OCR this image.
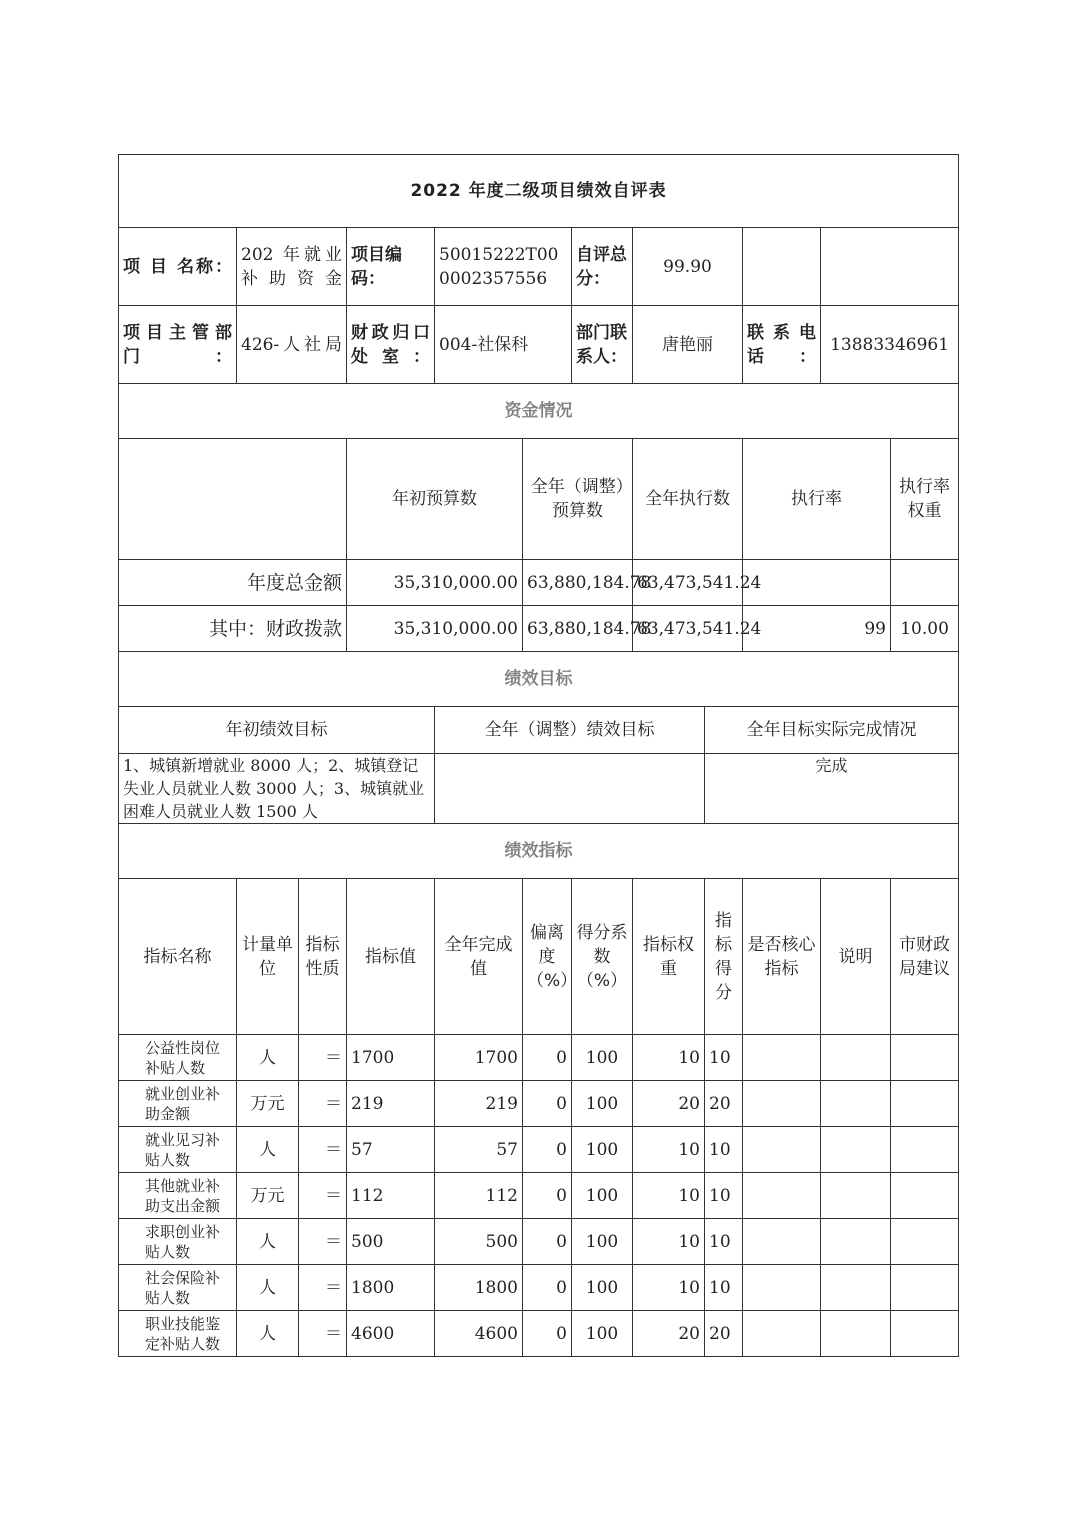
2022 年度二级项目绩效自评表												
项 目 名称：	202 年就业补助资金		项目编码：	50015222T000002357556		自评总分：	99.90					
项目主管部门：	426-人社局		财政归口处室：	004-社保科		部门联系人：	唐艳丽		联 系 电话：	13883346961		
资金情况												
			年初预算数		全年（调整）预算数		全年执行数		执行率		执行率权重	
年度总金额			35,310,000.00		63,880,184.78		63,473,541.24					
其中：财政拨款			35,310,000.00		63,880,184.78		63,473,541.24		99		10.00	
绩效目标												
年初绩效目标				全年（调整）绩效目标				全年目标实际完成情况				
1、城镇新增就业 8000 人；2、城镇登记失业人员就业人数 3000 人；3、城镇就业困难人员就业人数 1500 人								完成				
绩效指标												
指标名称	计量单位	指标性质	指标值	全年完成值	偏离度（%）	得分系数（%）	指标权重	指标得分	是否核心指标	说明	市财政局建议	
公益性岗位补贴人数	人	＝	1700	1700	0	100	10	10				
就业创业补助金额	万元	＝	219	219	0	100	20	20				
就业见习补贴人数	人	＝	57	57	0	100	10	10				
其他就业补助支出金额	万元	＝	112	112	0	100	10	10				
求职创业补贴人数	人	＝	500	500	0	100	10	10				
社会保险补贴人数	人	＝	1800	1800	0	100	10	10				
职业技能鉴定补贴人数	人	＝	4600	4600	0	100	20	20				
